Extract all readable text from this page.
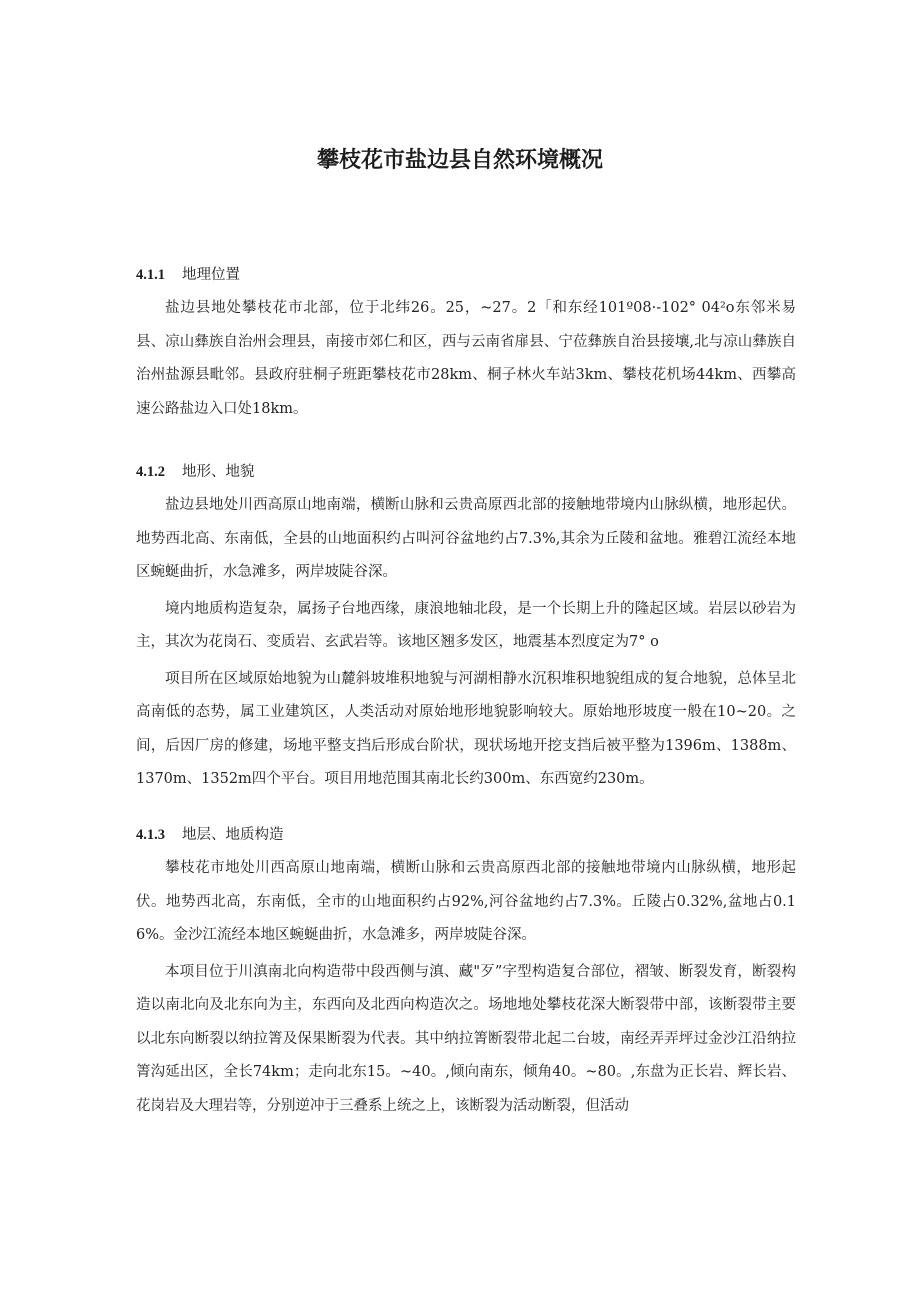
攀枝花市盐边县自然环境概况
4.1.1 地理位置

盐边县地处攀枝花市北部，位于北纬26。25，~27。2「和东经101º08·-102° 04²o东邻米易县、凉山彝族自治州会理县，南接市郊仁和区，西与云南省扉县、宁莅彝族自治县接壤,北与凉山彝族自治州盐源县毗邻。县政府驻桐子班距攀枝花市28km、桐子林火车站3km、攀枝花机场44km、西攀高速公路盐边入口处18km。

4.1.2 地形、地貌

盐边县地处川西高原山地南端，横断山脉和云贵高原西北部的接触地带境内山脉纵横，地形起伏。地势西北高、东南低，全县的山地面积约占叫河谷盆地约占7.3%,其余为丘陵和盆地。雅碧江流经本地区蜿蜒曲折，水急滩多，两岸坡陡谷深。

境内地质构造复杂，属扬子台地西缘，康浪地轴北段，是一个长期上升的隆起区域。岩层以砂岩为主，其次为花岗石、变质岩、玄武岩等。该地区翘多发区，地震基本烈度定为7° o

项目所在区域原始地貌为山麓斜坡堆积地貌与河湖相静水沉积堆积地貌组成的复合地貌，总体呈北高南低的态势，属工业建筑区，人类活动对原始地形地貌影响较大。原始地形坡度一般在10~20。之间，后因厂房的修建，场地平整支挡后形成台阶状，现状场地开挖支挡后被平整为1396m、1388m、1370m、1352m四个平台。项目用地范围其南北长约300m、东西宽约230m。

4.1.3 地层、地质构造

攀枝花市地处川西高原山地南端，横断山脉和云贵高原西北部的接触地带境内山脉纵横，地形起伏。地势西北高，东南低，全市的山地面积约占92%,河谷盆地约占7.3%。丘陵占0.32%,盆地占0.16%。金沙江流经本地区蜿蜒曲折，水急滩多，两岸坡陡谷深。

本项目位于川滇南北向构造带中段西侧与滇、藏"歹”字型构造复合部位，褶皱、断裂发育，断裂构造以南北向及北东向为主，东西向及北西向构造次之。场地地处攀枝花深大断裂带中部，该断裂带主要以北东向断裂以纳拉箐及保果断裂为代表。其中纳拉箐断裂带北起二台坡，南经弄弄坪过金沙江沿纳拉箐沟延出区，全长74km；走向北东15。~40。,倾向南东，倾角40。~80。,东盘为正长岩、辉长岩、花岗岩及大理岩等，分别逆冲于三叠系上统之上，该断裂为活动断裂，但活动
